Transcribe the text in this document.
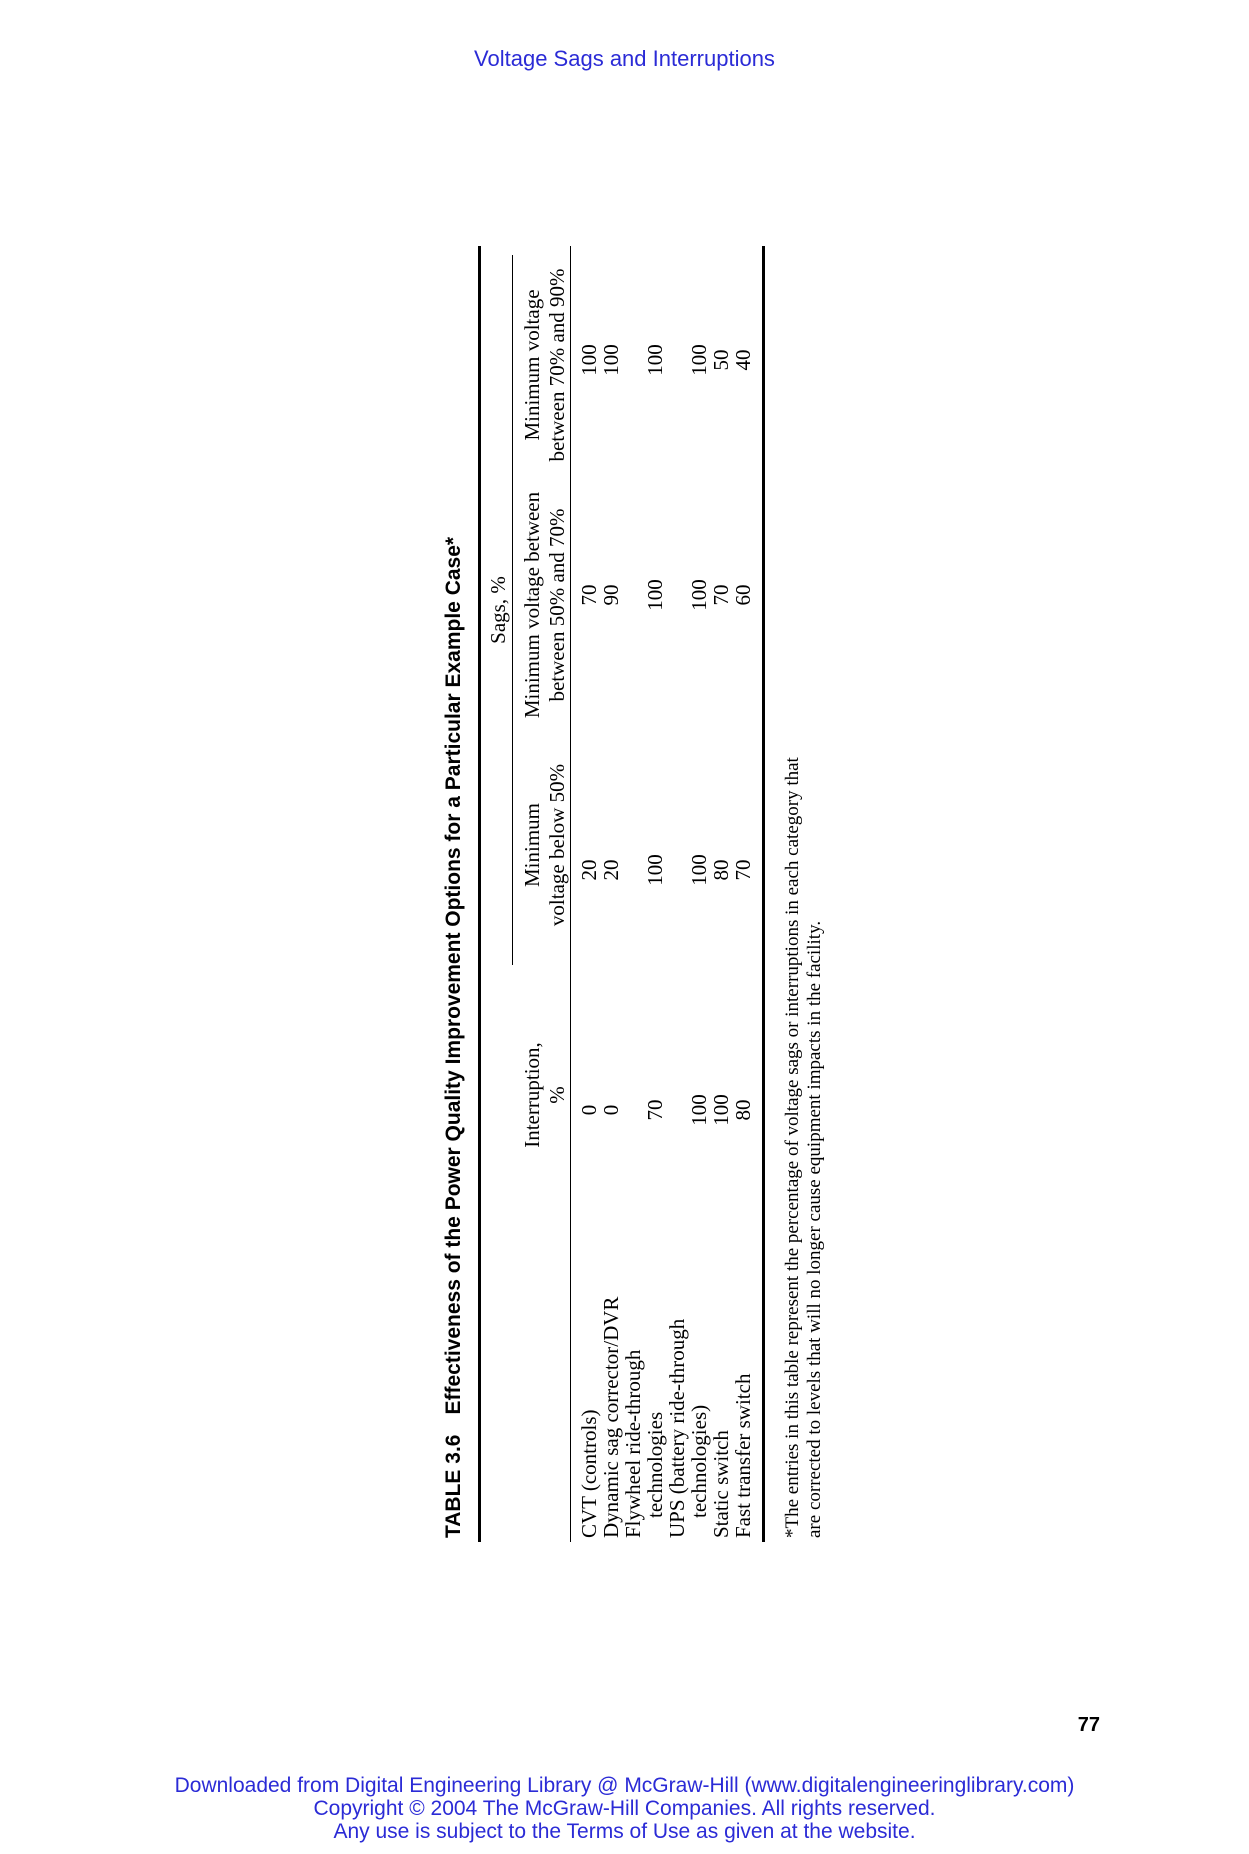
Voltage Sags and Interruptions
TABLE 3.6Effectiveness of the Power Quality Improvement Options for a Particular Example Case* Sags, %
Interruption, %
Minimum voltage below 50%
Minimum voltage between between 50% and 70%
Minimum voltage between 70% and 90%
CVT (controls)
0
20
70
100
Dynamic sag corrector/DVR
0
20
90
100
Flywheel ride-through
technologies
70
100
100
100
UPS (battery ride-through
technologies)
100
100
100
100
Static switch
100
80
70
50
Fast transfer switch
80
70
60
40
*The entries in this table represent the percentage of voltage sags or interruptions in each category that are corrected to levels that will no longer cause equipment impacts in the facility.
77
Downloaded from Digital Engineering Library @ McGraw-Hill (www.digitalengineeringlibrary.com)
Copyright © 2004 The McGraw-Hill Companies. All rights reserved.
Any use is subject to the Terms of Use as given at the website.
